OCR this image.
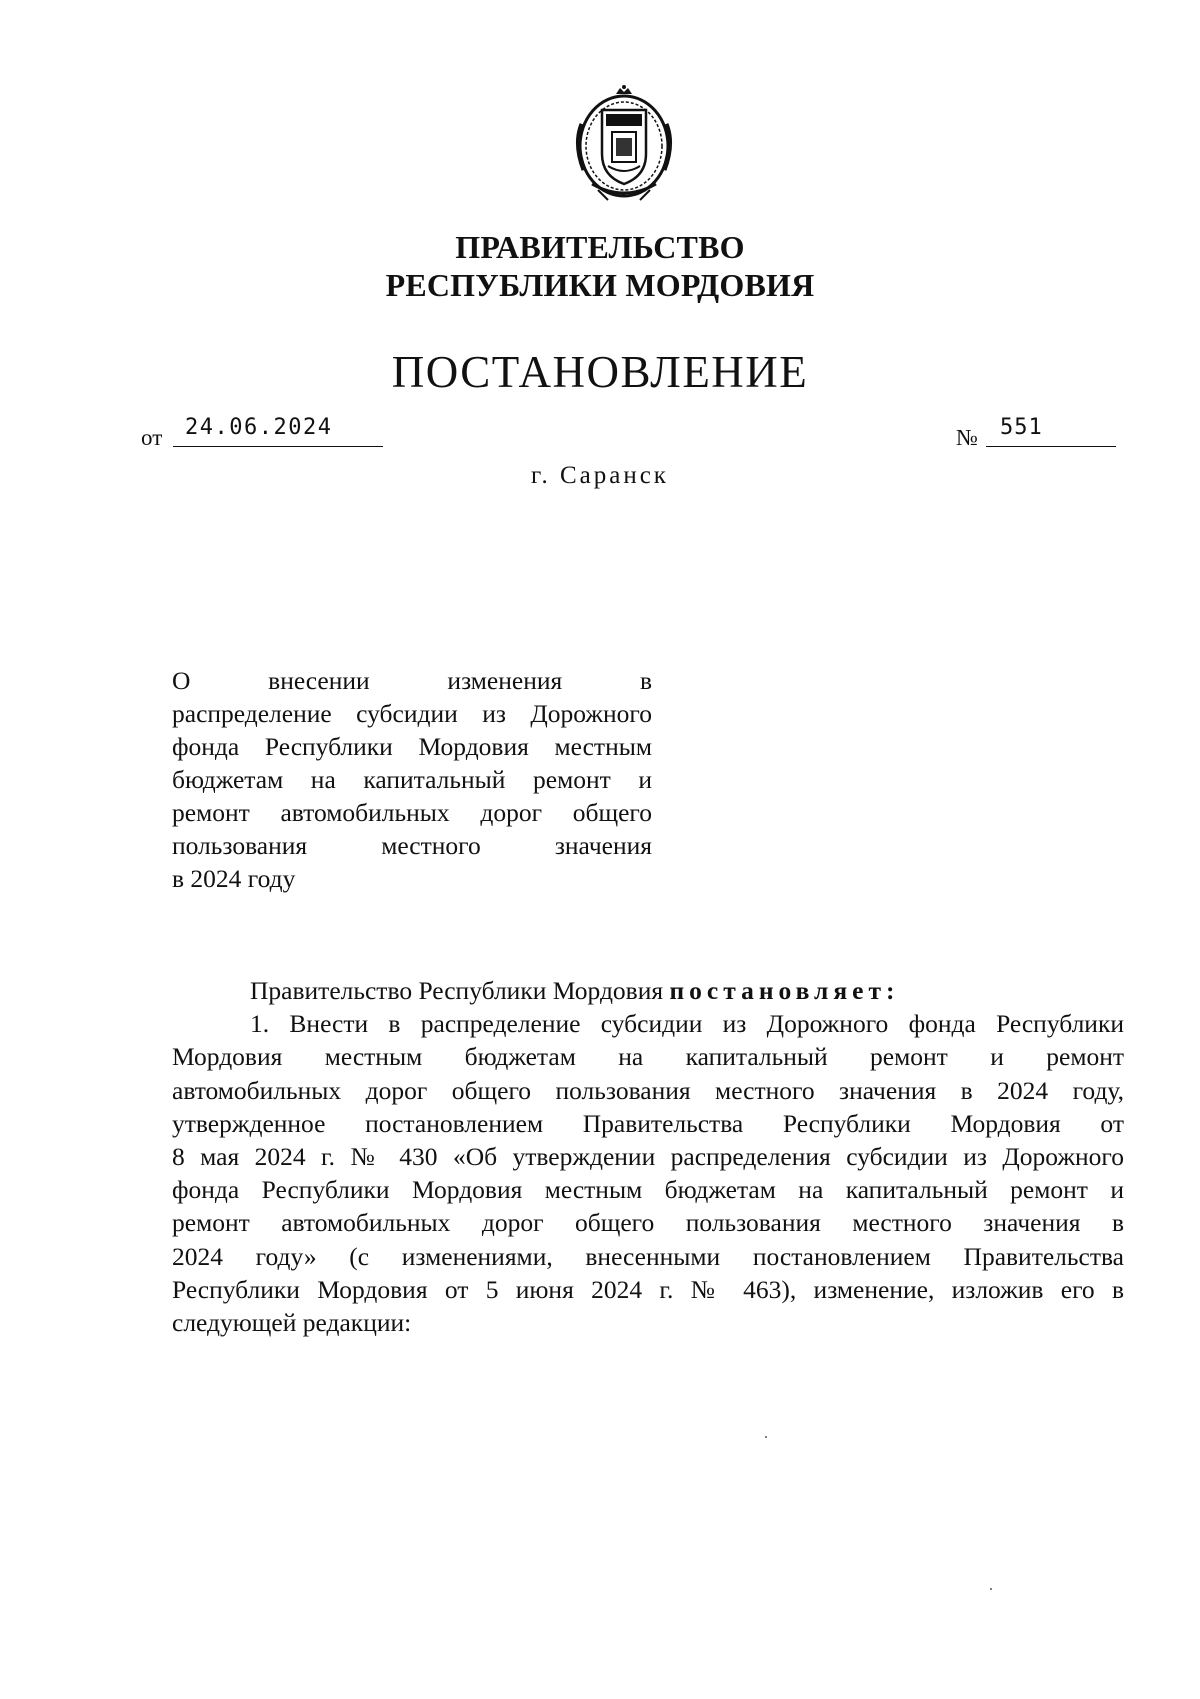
ПРАВИТЕЛЬСТВО
РЕСПУБЛИКИ МОРДОВИЯ
ПОСТАНОВЛЕНИЕ
от	24.06.2024	№	551
г. Саранск
О	внесении	изменения	в
распределение субсидии из Дорожного
фонда Республики Мордовия местным
бюджетам на капитальный ремонт и
ремонт автомобильных дорог общего
пользования	местного	значения
в 2024 году
Правительство Республики Мордовия постановляет:
1. Внести в распределение субсидии из Дорожного фонда Республики
Мордовия местным бюджетам на капитальный ремонт и ремонт
автомобильных дорог общего пользования местного значения в 2024 году,
утвержденное постановлением Правительства Республики Мордовия от
8 мая 2024 г. № 430 «Об утверждении распределения субсидии из Дорожного
фонда Республики Мордовия местным бюджетам на капитальный ремонт и
ремонт автомобильных дорог общего пользования местного значения в
2024 году» (с изменениями, внесенными постановлением Правительства
Республики Мордовия от 5 июня 2024 г. № 463), изменение, изложив его в
следующей редакции:
